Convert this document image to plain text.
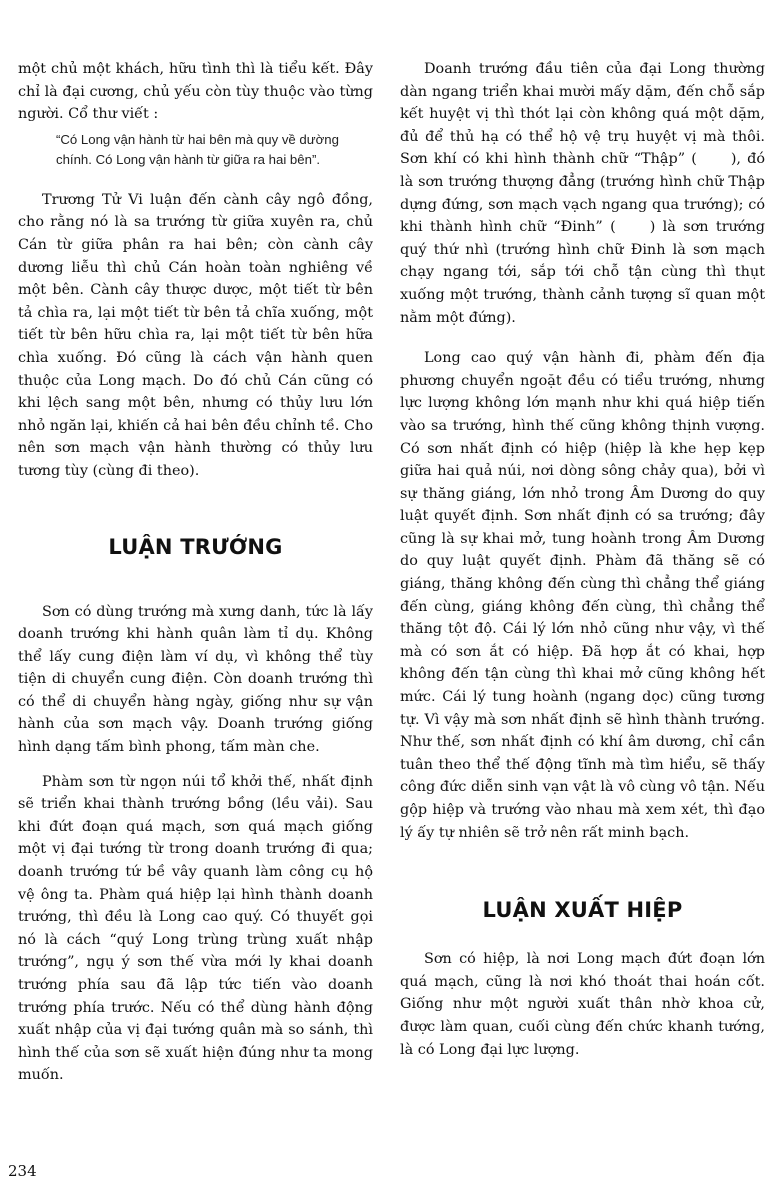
một chủ một khách, hữu tình thì là tiểu kết. Đây chỉ là đại cương, chủ yếu còn tùy thuộc vào từng người. Cổ thư viết :

“Có Long vận hành từ hai bên mà quy về dường chính. Có Long vận hành từ giữa ra hai bên”.

Trương Tử Vi luận đến cành cây ngô đồng, cho rằng nó là sa trướng từ giữa xuyên ra, chủ Cán từ giữa phân ra hai bên; còn cành cây dương liễu thì chủ Cán hoàn toàn nghiêng về một bên. Cành cây thược dược, một tiết từ bên tả chìa ra, lại một tiết từ bên tả chĩa xuống, một tiết từ bên hữu chìa ra, lại một tiết từ bên hữa chìa xuống. Đó cũng là cách vận hành quen thuộc của Long mạch. Do đó chủ Cán cũng có khi lệch sang một bên, nhưng có thủy lưu lớn nhỏ ngăn lại, khiến cả hai bên đều chỉnh tề. Cho nên sơn mạch vận hành thường có thủy lưu tương tùy (cùng đi theo).

LUẬN TRƯỚNG

Sơn có dùng trướng mà xưng danh, tức là lấy doanh trướng khi hành quân làm tỉ dụ. Không thể lấy cung điện làm ví dụ, vì không thể tùy tiện di chuyển cung điện. Còn doanh trướng thì có thể di chuyển hàng ngày, giống như sự vận hành của sơn mạch vậy. Doanh trướng giống hình dạng tấm bình phong, tấm màn che.

Phàm sơn từ ngọn núi tổ khởi thế, nhất định sẽ triển khai thành trướng bồng (lều vải). Sau khi đứt đoạn quá mạch, sơn quá mạch giống một vị đại tướng từ trong doanh trướng đi qua; doanh trướng tứ bề vây quanh làm công cụ hộ vệ ông ta. Phàm quá hiệp lại hình thành doanh trướng, thì đều là Long cao quý. Có thuyết gọi nó là cách “quý Long trùng trùng xuất nhập trướng”, ngụ ý sơn thế vừa mới ly khai doanh trướng phía sau đã lập tức tiến vào doanh trướng phía trước. Nếu có thể dùng hành động xuất nhập của vị đại tướng quân mà so sánh, thì hình thế của sơn sẽ xuất hiện đúng như ta mong muốn.

Doanh trướng đầu tiên của đại Long thường dàn ngang triển khai mười mấy dặm, đến chỗ sắp kết huyệt vị thì thót lại còn không quá một dặm, đủ để thủ hạ có thể hộ vệ trụ huyệt vị mà thôi. Sơn khí có khi hình thành chữ “Thập” ( ), đó là sơn trướng thượng đẳng (trướng hình chữ Thập dựng đứng, sơn mạch vạch ngang qua trướng); có khi thành hình chữ “Đinh” ( ) là sơn trướng quý thứ nhì (trướng hình chữ Đinh là sơn mạch chạy ngang tới, sắp tới chỗ tận cùng thì thụt xuống một trướng, thành cảnh tượng sĩ quan một nằm một đứng).

Long cao quý vận hành đi, phàm đến địa phương chuyển ngoặt đều có tiểu trướng, nhưng lực lượng không lớn mạnh như khi quá hiệp tiến vào sa trướng, hình thế cũng không thịnh vượng. Có sơn nhất định có hiệp (hiệp là khe hẹp kẹp giữa hai quả núi, nơi dòng sông chảy qua), bởi vì sự thăng giáng, lớn nhỏ trong Âm Dương do quy luật quyết định. Sơn nhất định có sa trướng; đây cũng là sự khai mở, tung hoành trong Âm Dương do quy luật quyết định. Phàm đã thăng sẽ có giáng, thăng không đến cùng thì chẳng thể giáng đến cùng, giáng không đến cùng, thì chẳng thể thăng tột độ. Cái lý lớn nhỏ cũng như vậy, vì thế mà có sơn ắt có hiệp. Đã hợp ắt có khai, hợp không đến tận cùng thì khai mở cũng không hết mức. Cái lý tung hoành (ngang dọc) cũng tương tự. Vì vậy mà sơn nhất định sẽ hình thành trướng. Như thế, sơn nhất định có khí âm dương, chỉ cần tuân theo thể thế động tĩnh mà tìm hiểu, sẽ thấy công đức diễn sinh vạn vật là vô cùng vô tận. Nếu gộp hiệp và trướng vào nhau mà xem xét, thì đạo lý ấy tự nhiên sẽ trở nên rất minh bạch.

LUẬN XUẤT HIỆP

Sơn có hiệp, là nơi Long mạch đứt đoạn lớn quá mạch, cũng là nơi khó thoát thai hoán cốt. Giống như một người xuất thân nhờ khoa cử, được làm quan, cuối cùng đến chức khanh tướng, là có Long đại lực lượng.

234
